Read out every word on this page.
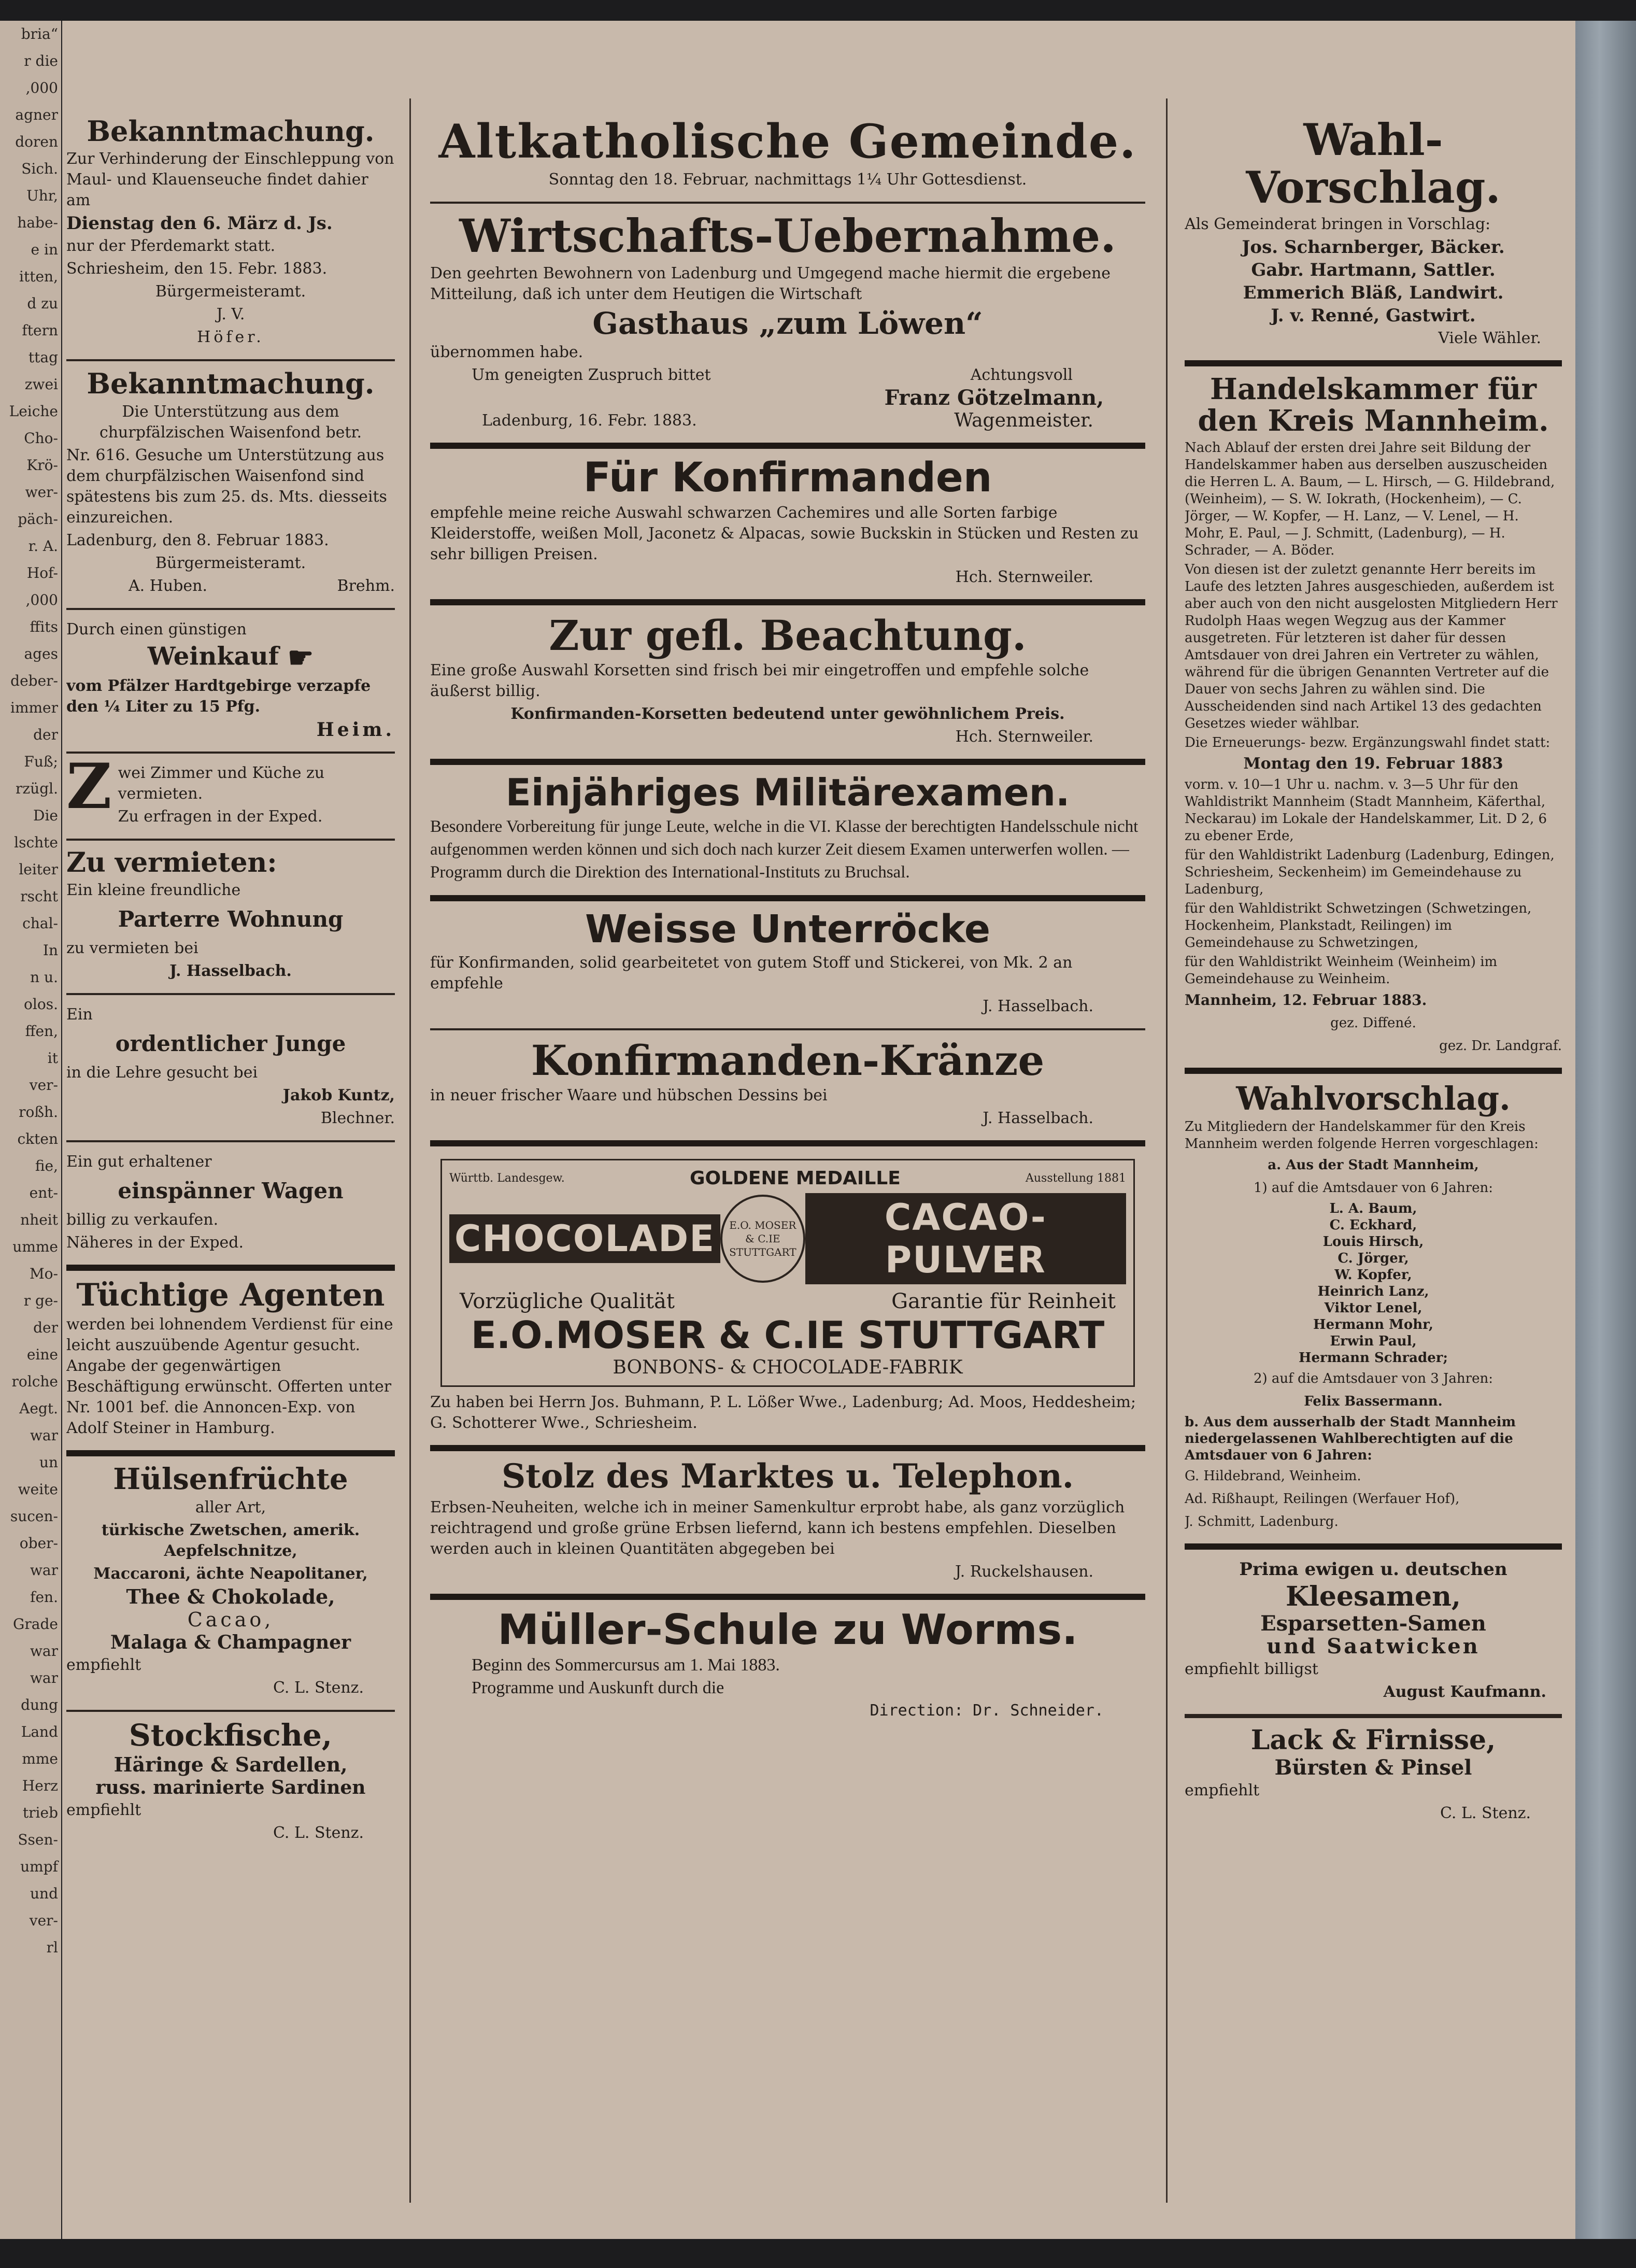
bria“
r die
,000
agner
doren
Sich.
Uhr,
habe-
e in
itten,
d zu
ftern
ttag
zwei
Leiche
Cho-
Krö-
wer-
päch-
r. A.
Hof-
,000
ffits
ages
deber-
immer
der
Fuß;
rzügl.
Die
lschte
leiter
rscht
chal-
In
n u.
olos.
ffen,
it
ver-
roßh.
ckten
fie,
ent-
nheit
umme
Mo-
r ge-
der
eine
rolche
Aegt.
war
un
weite
sucen-
ober-
war
fen.
Grade
war
war
dung
Land
mme
Herz
trieb
Ssen-
umpf
und
ver-
rl
Bekanntmachung.
Zur Verhinderung der Einschleppung von Maul- und Klauenseuche findet dahier am
Dienstag den 6. März d. Js.
nur der Pferdemarkt statt.
Schriesheim, den 15. Febr. 1883.
Bürgermeisteramt.
J. V.
Höfer.
Bekanntmachung.
Die Unterstützung aus dem churpfälzischen Waisenfond betr.
Nr. 616. Gesuche um Unterstützung aus dem churpfälzischen Waisenfond sind spätestens bis zum 25. ds. Mts. diesseits einzureichen.
Ladenburg, den 8. Februar 1883.
Bürgermeisteramt.
A. Huben.	Brehm.
Durch einen günstigen
Weinkauf ☛
vom Pfälzer Hardtgebirge verzapfe den ¼ Liter zu 15 Pfg.
Heim.
Z wei Zimmer und Küche zu vermieten.
Zu erfragen in der Exped.
Zu vermieten:
Ein kleine freundliche
Parterre Wohnung
zu vermieten bei
J. Hasselbach.
Ein
ordentlicher Junge
in die Lehre gesucht bei
Jakob Kuntz,
Blechner.
Ein gut erhaltener
einspänner Wagen
billig zu verkaufen.
Näheres in der Exped.
Tüchtige Agenten
werden bei lohnendem Verdienst für eine leicht auszuübende Agentur gesucht. Angabe der gegenwärtigen Beschäftigung erwünscht. Offerten unter Nr. 1001 bef. die Annoncen-Exp. von Adolf Steiner in Hamburg.
Hülsenfrüchte
aller Art,
türkische Zwetschen, amerik. Aepfelschnitze,
Maccaroni, ächte Neapolitaner,
Thee & Chokolade,
Cacao,
Malaga & Champagner
empfiehlt
C. L. Stenz.
Stockfische,
Häringe & Sardellen,
russ. marinierte Sardinen
empfiehlt
C. L. Stenz.
Altkatholische Gemeinde.
Sonntag den 18. Februar, nachmittags 1¼ Uhr Gottesdienst.
Wirtschafts-Uebernahme.
Den geehrten Bewohnern von Ladenburg und Umgegend mache hiermit die ergebene Mitteilung, daß ich unter dem Heutigen die Wirtschaft
Gasthaus „zum Löwen“
übernommen habe.
Um geneigten Zuspruch bittet	Achtungsvoll
Franz Götzelmann,
Ladenburg, 16. Febr. 1883.	Wagenmeister.
Für Konfirmanden
empfehle meine reiche Auswahl schwarzen Cachemires und alle Sorten farbige Kleiderstoffe, weißen Moll, Jaconetz & Alpacas, sowie Buckskin in Stücken und Resten zu sehr billigen Preisen.
Hch. Sternweiler.
Zur gefl. Beachtung.
Eine große Auswahl Korsetten sind frisch bei mir eingetroffen und empfehle solche äußerst billig.
Konfirmanden-Korsetten bedeutend unter gewöhnlichem Preis.
Hch. Sternweiler.
Einjähriges Militärexamen.
Besondere Vorbereitung für junge Leute, welche in die VI. Klasse der berechtigten Handelsschule nicht aufgenommen werden können und sich doch nach kurzer Zeit diesem Examen unterwerfen wollen. — Programm durch die Direktion des International-Instituts zu Bruchsal.
Weisse Unterröcke
für Konfirmanden, solid gearbeitetet von gutem Stoff und Stickerei, von Mk. 2 an empfehle
J. Hasselbach.
Konfirmanden-Kränze
in neuer frischer Waare und hübschen Dessins bei
J. Hasselbach.
Württb. Landesgew.	GOLDENE MEDAILLE	Ausstellung 1881
CHOCOLADE	E.O. MOSER
& C.IE
STUTTGART
CACAO-PULVER
Vorzügliche Qualität	Garantie für Reinheit
E.O.MOSER & C.IE STUTTGART
BONBONS- & CHOCOLADE-FABRIK
Zu haben bei Herrn Jos. Buhmann, P. L. Lößer Wwe., Ladenburg; Ad. Moos, Heddesheim; G. Schotterer Wwe., Schriesheim.
Stolz des Marktes u. Telephon.
Erbsen-Neuheiten, welche ich in meiner Samenkultur erprobt habe, als ganz vorzüglich reichtragend und große grüne Erbsen liefernd, kann ich bestens empfehlen. Dieselben werden auch in kleinen Quantitäten abgegeben bei
J. Ruckelshausen.
Müller-Schule zu Worms.
Beginn des Sommercursus am 1. Mai 1883.
Programme und Auskunft durch die
Direction: Dr. Schneider.
Wahl-Vorschlag.
Als Gemeinderat bringen in Vorschlag:
Jos. Scharnberger, Bäcker.
Gabr. Hartmann, Sattler.
Emmerich Bläß, Landwirt.
J. v. Renné, Gastwirt.
Viele Wähler.
Handelskammer für den Kreis Mannheim.
Nach Ablauf der ersten drei Jahre seit Bildung der Handelskammer haben aus derselben auszuscheiden die Herren L. A. Baum, — L. Hirsch, — G. Hildebrand, (Weinheim), — S. W. Iokrath, (Hockenheim), — C. Jörger, — W. Kopfer, — H. Lanz, — V. Lenel, — H. Mohr, E. Paul, — J. Schmitt, (Ladenburg), — H. Schrader, — A. Böder.
Von diesen ist der zuletzt genannte Herr bereits im Laufe des letzten Jahres ausgeschieden, außerdem ist aber auch von den nicht ausgelosten Mitgliedern Herr Rudolph Haas wegen Wegzug aus der Kammer ausgetreten. Für letzteren ist daher für dessen Amtsdauer von drei Jahren ein Vertreter zu wählen, während für die übrigen Genannten Vertreter auf die Dauer von sechs Jahren zu wählen sind. Die Ausscheidenden sind nach Artikel 13 des gedachten Gesetzes wieder wählbar.
Die Erneuerungs- bezw. Ergänzungswahl findet statt:
Montag den 19. Februar 1883
vorm. v. 10—1 Uhr u. nachm. v. 3—5 Uhr für den Wahldistrikt Mannheim (Stadt Mannheim, Käferthal, Neckarau) im Lokale der Handelskammer, Lit. D 2, 6 zu ebener Erde,
für den Wahldistrikt Ladenburg (Ladenburg, Edingen, Schriesheim, Seckenheim) im Gemeindehause zu Ladenburg,
für den Wahldistrikt Schwetzingen (Schwetzingen, Hockenheim, Plankstadt, Reilingen) im Gemeindehause zu Schwetzingen,
für den Wahldistrikt Weinheim (Weinheim) im Gemeindehause zu Weinheim.
Mannheim, 12. Februar 1883.
gez. Diffené.
gez. Dr. Landgraf.
Wahlvorschlag.
Zu Mitgliedern der Handelskammer für den Kreis Mannheim werden folgende Herren vorgeschlagen:
a. Aus der Stadt Mannheim,
1) auf die Amtsdauer von 6 Jahren:
L. A. Baum,
C. Eckhard,
Louis Hirsch,
C. Jörger,
W. Kopfer,
Heinrich Lanz,
Viktor Lenel,
Hermann Mohr,
Erwin Paul,
Hermann Schrader;
2) auf die Amtsdauer von 3 Jahren:
Felix Bassermann.
b. Aus dem ausserhalb der Stadt Mannheim niedergelassenen Wahlberechtigten auf die Amtsdauer von 6 Jahren:
G. Hildebrand, Weinheim.
Ad. Rißhaupt, Reilingen (Werfauer Hof),
J. Schmitt, Ladenburg.
Prima ewigen u. deutschen
Kleesamen,
Esparsetten-Samen
und Saatwicken
empfiehlt billigst
August Kaufmann.
Lack & Firnisse,
Bürsten & Pinsel
empfiehlt
C. L. Stenz.
